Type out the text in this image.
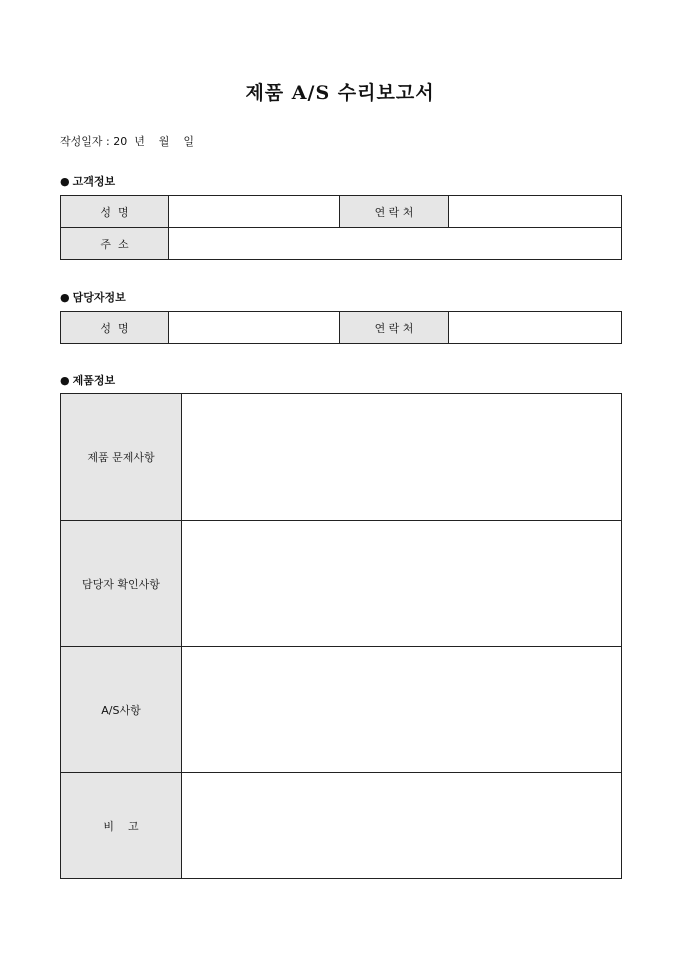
제품 A/S 수리보고서
작성일자 : 20  년    월    일
● 고객정보
성  명		연 락 처	
주  소			
● 담당자정보
성  명		연 락 처	
● 제품정보
제품 문제사항	
담당자 확인사항	
A/S사항	
비    고	
